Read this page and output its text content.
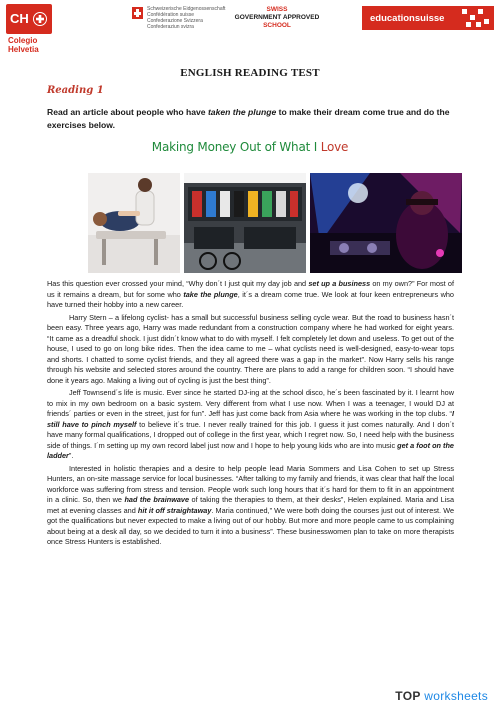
CH
Colegio
Helvetia
Schweizerische Eidgenossenschaft
Confédération suisse
Confederazione Svizzera
Confederaziun svizra
SWISS
GOVERNMENT APPROVED
SCHOOL
educationsuisse
ENGLISH READING TEST
Reading 1
Read an article about people who have taken the plunge to make their dream come true and do the exercises below.
Making Money Out of What I Love

Has this question ever crossed your mind, “Why don´t I just quit my day job and set up a business on my own?” For most of us it remains a dream, but for some who take the plunge, it´s a dream come true. We look at four keen entrepreneurs who have turned their hobby into a new career.

Harry Stern – a lifelong cyclist- has a small but successful business selling cycle wear. But the road to business hasn´t been easy. Three years ago, Harry was made redundant from a construction company where he had worked for eight years. “It came as a dreadful shock. I just didn´t know what to do with myself. I felt completely let down and useless. To get out of the house, I used to go on long bike rides. Then the idea came to me – what cyclists need is well-designed, easy-to-wear tops and shorts. I chatted to some cyclist friends, and they all agreed there was a gap in the market”. Now Harry sells his range through his website and selected stores around the country. There are plans to add a range for children soon. “I should have done it years ago. Making a living out of cycling is just the best thing”.

Jeff Townsend´s life is music. Ever since he started DJ-ing at the school disco, he´s been fascinated by it. I learnt how to mix in my own bedroom on a basic system. Very different from what I use now. When I was a teenager, I would DJ at friends´ parties or even in the street, just for fun”. Jeff has just come back from Asia where he was working in the top clubs. “I still have to pinch myself to believe it´s true. I never really trained for this job. I guess it just comes naturally. And I don´t have many formal qualifications, I dropped out of college in the first year, which I regret now. So, I need help with the business side of things. I´m setting up my own record label just now and I hope to help young kids who are into music get a foot on the ladder”.

Interested in holistic therapies and a desire to help people lead Maria Sommers and Lisa Cohen to set up Stress Hunters, an on-site massage service for local businesses. “After talking to my family and friends, it was clear that half the local workforce was suffering from stress and tension. People work such long hours that it´s hard for them to fit in an appointment in a clinic. So, then we had the brainwave of taking the therapies to them, at their desks”, Helen explained. Maria and Lisa met at evening classes and hit it off straightaway. Maria continued,” We were both doing the courses just out of interest. We got the qualifications but never expected to make a living out of our hobby. But more and more people came to us complaining about being at a desk all day, so we decided to turn it into a business”. These businesswomen plan to take on more therapists once Stress Hunters is established.

TOP worksheets
